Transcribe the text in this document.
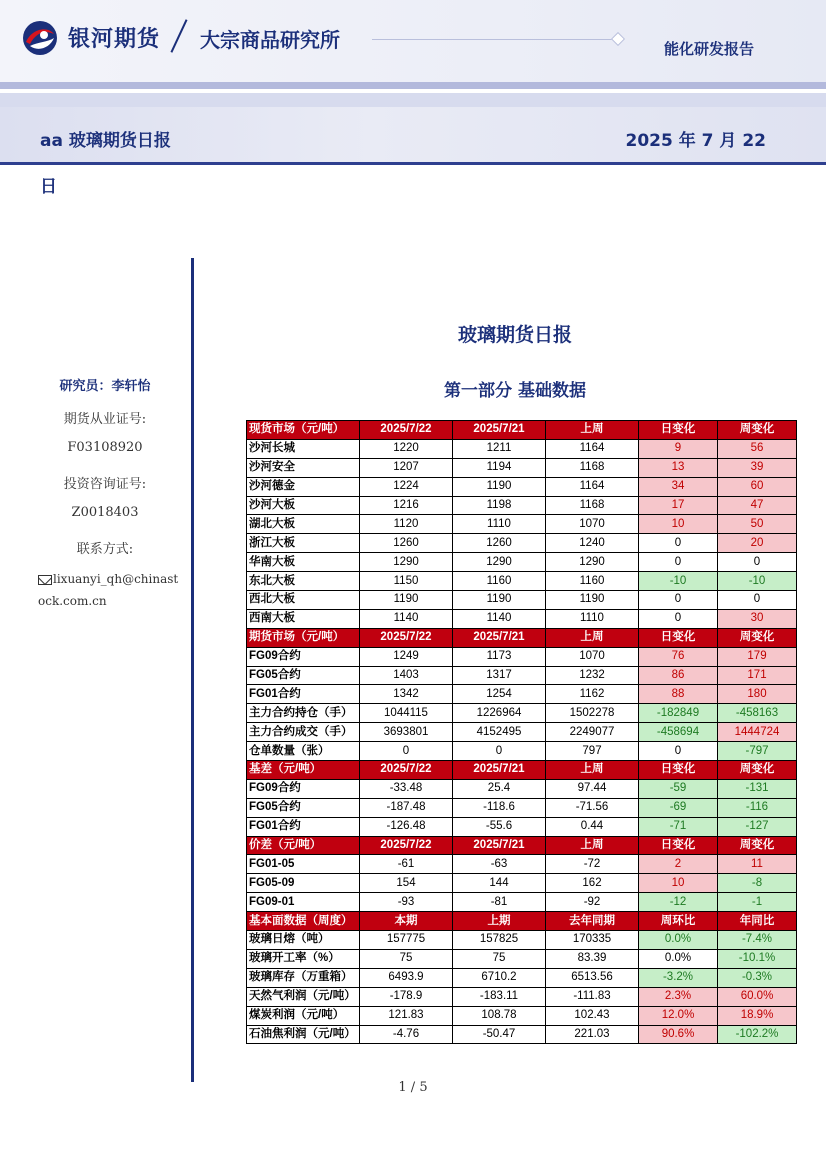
银河期货 大宗商品研究所	能化研发报告
aa 玻璃期货日报	2025 年 7 月 22
日
研究员：李轩怡
期货从业证号:
F03108920
投资咨询证号:
Z0018403
联系方式:
lixuanyi_qh@chinastock.com.cn
玻璃期货日报
第一部分 基础数据
现货市场（元/吨）	2025/7/22	2025/7/21	上周	日变化	周变化
沙河长城	1220	1211	1164	9	56
沙河安全	1207	1194	1168	13	39
沙河德金	1224	1190	1164	34	60
沙河大板	1216	1198	1168	17	47
湖北大板	1120	1110	1070	10	50
浙江大板	1260	1260	1240	0	20
华南大板	1290	1290	1290	0	0
东北大板	1150	1160	1160	-10	-10
西北大板	1190	1190	1190	0	0
西南大板	1140	1140	1110	0	30
期货市场（元/吨）	2025/7/22	2025/7/21	上周	日变化	周变化
FG09合约	1249	1173	1070	76	179
FG05合约	1403	1317	1232	86	171
FG01合约	1342	1254	1162	88	180
主力合约持仓（手）	1044115	1226964	1502278	-182849	-458163
主力合约成交（手）	3693801	4152495	2249077	-458694	1444724
仓单数量（张）	0	0	797	0	-797
基差（元/吨）	2025/7/22	2025/7/21	上周	日变化	周变化
FG09合约	-33.48	25.4	97.44	-59	-131
FG05合约	-187.48	-118.6	-71.56	-69	-116
FG01合约	-126.48	-55.6	0.44	-71	-127
价差（元/吨）	2025/7/22	2025/7/21	上周	日变化	周变化
FG01-05	-61	-63	-72	2	11
FG05-09	154	144	162	10	-8
FG09-01	-93	-81	-92	-12	-1
基本面数据（周度）	本期	上期	去年同期	周环比	年同比
玻璃日熔（吨）	157775	157825	170335	0.0%	-7.4%
玻璃开工率（%）	75	75	83.39	0.0%	-10.1%
玻璃库存（万重箱）	6493.9	6710.2	6513.56	-3.2%	-0.3%
天然气利润（元/吨）	-178.9	-183.11	-111.83	2.3%	60.0%
煤炭利润（元/吨）	121.83	108.78	102.43	12.0%	18.9%
石油焦利润（元/吨）	-4.76	-50.47	221.03	90.6%	-102.2%
1 / 5
